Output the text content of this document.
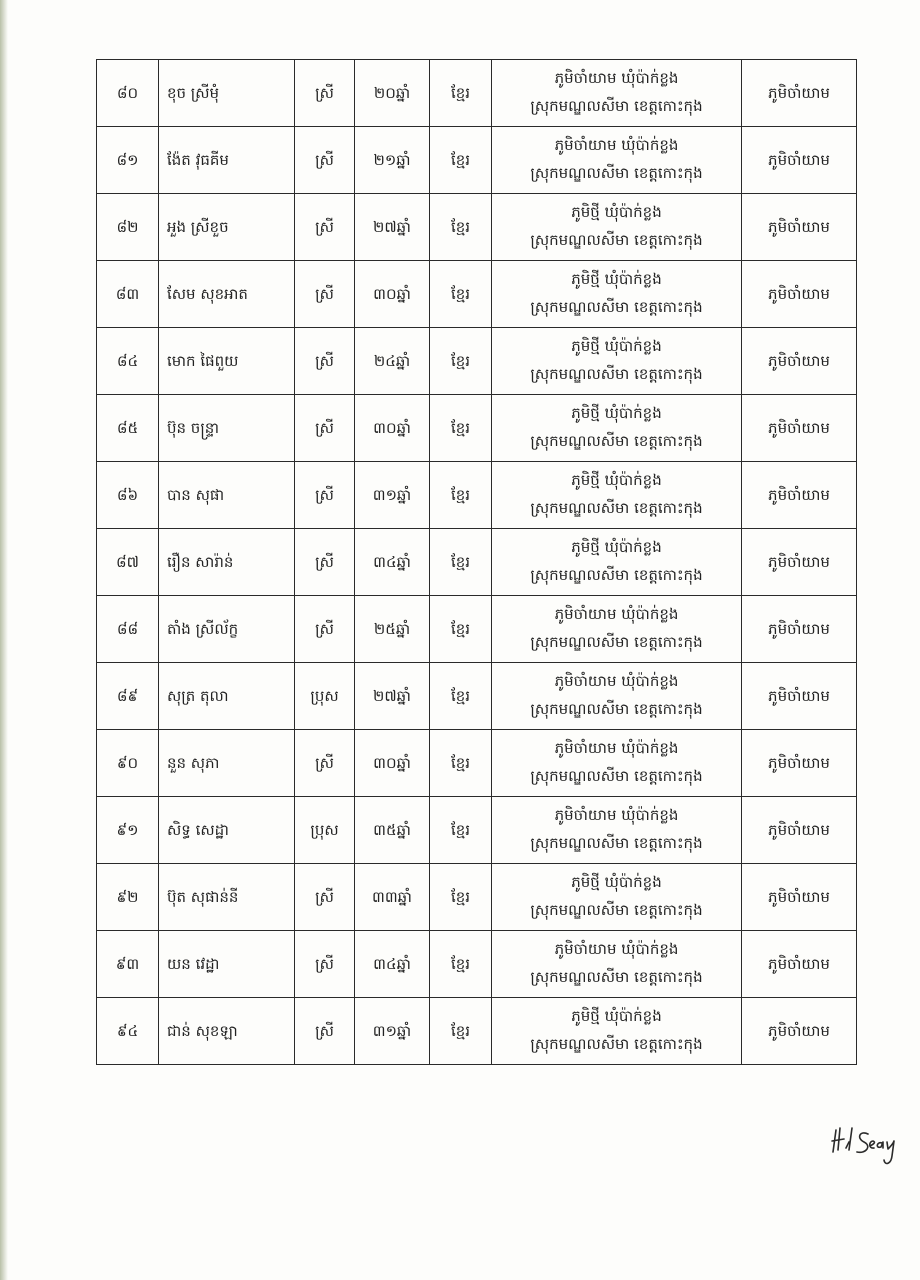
៨០	ខុច ស្រីមុំ	ស្រី	២០ឆ្នាំ	ខ្មែរ	ភូមិចាំយាម ឃុំប៉ាក់ខ្លង
ស្រុកមណ្ឌលសីមា ខេត្តកោះកុង	ភូមិចាំយាម
៨១	ង៉ែត វុធគីម	ស្រី	២១ឆ្នាំ	ខ្មែរ	ភូមិចាំយាម ឃុំប៉ាក់ខ្លង
ស្រុកមណ្ឌលសីមា ខេត្តកោះកុង	ភូមិចាំយាម
៨២	អួង ស្រីខួច	ស្រី	២៧ឆ្នាំ	ខ្មែរ	ភូមិថ្មី ឃុំប៉ាក់ខ្លង
ស្រុកមណ្ឌលសីមា ខេត្តកោះកុង	ភូមិចាំយាម
៨៣	សែម សុខអាត	ស្រី	៣០ឆ្នាំ	ខ្មែរ	ភូមិថ្មី ឃុំប៉ាក់ខ្លង
ស្រុកមណ្ឌលសីមា ខេត្តកោះកុង	ភូមិចាំយាម
៨៤	មោក ផៃពួយ	ស្រី	២៤ឆ្នាំ	ខ្មែរ	ភូមិថ្មី ឃុំប៉ាក់ខ្លង
ស្រុកមណ្ឌលសីមា ខេត្តកោះកុង	ភូមិចាំយាម
៨៥	ប៊ុន ចន្ទ្រា	ស្រី	៣០ឆ្នាំ	ខ្មែរ	ភូមិថ្មី ឃុំប៉ាក់ខ្លង
ស្រុកមណ្ឌលសីមា ខេត្តកោះកុង	ភូមិចាំយាម
៨៦	បាន សុផា	ស្រី	៣១ឆ្នាំ	ខ្មែរ	ភូមិថ្មី ឃុំប៉ាក់ខ្លង
ស្រុកមណ្ឌលសីមា ខេត្តកោះកុង	ភូមិចាំយាម
៨៧	រឿន សារ៉ាន់	ស្រី	៣៤ឆ្នាំ	ខ្មែរ	ភូមិថ្មី ឃុំប៉ាក់ខ្លង
ស្រុកមណ្ឌលសីមា ខេត្តកោះកុង	ភូមិចាំយាម
៨៨	តាំង ស្រីល័ក្ខ	ស្រី	២៥ឆ្នាំ	ខ្មែរ	ភូមិចាំយាម ឃុំប៉ាក់ខ្លង
ស្រុកមណ្ឌលសីមា ខេត្តកោះកុង	ភូមិចាំយាម
៨៩	សុត្រ តុលា	ប្រុស	២៧ឆ្នាំ	ខ្មែរ	ភូមិចាំយាម ឃុំប៉ាក់ខ្លង
ស្រុកមណ្ឌលសីមា ខេត្តកោះកុង	ភូមិចាំយាម
៩០	នួន សុភា	ស្រី	៣០ឆ្នាំ	ខ្មែរ	ភូមិចាំយាម ឃុំប៉ាក់ខ្លង
ស្រុកមណ្ឌលសីមា ខេត្តកោះកុង	ភូមិចាំយាម
៩១	សិទ្ធ សេដ្ឋា	ប្រុស	៣៥ឆ្នាំ	ខ្មែរ	ភូមិចាំយាម ឃុំប៉ាក់ខ្លង
ស្រុកមណ្ឌលសីមា ខេត្តកោះកុង	ភូមិចាំយាម
៩២	ប៊ុត សុផាន់នី	ស្រី	៣៣ឆ្នាំ	ខ្មែរ	ភូមិថ្មី ឃុំប៉ាក់ខ្លង
ស្រុកមណ្ឌលសីមា ខេត្តកោះកុង	ភូមិចាំយាម
៩៣	យន វេដ្ឋា	ស្រី	៣៤ឆ្នាំ	ខ្មែរ	ភូមិចាំយាម ឃុំប៉ាក់ខ្លង
ស្រុកមណ្ឌលសីមា ខេត្តកោះកុង	ភូមិចាំយាម
៩៤	ជាន់ សុខឡា	ស្រី	៣១ឆ្នាំ	ខ្មែរ	ភូមិថ្មី ឃុំប៉ាក់ខ្លង
ស្រុកមណ្ឌលសីមា ខេត្តកោះកុង	ភូមិចាំយាម
Ht Seay
